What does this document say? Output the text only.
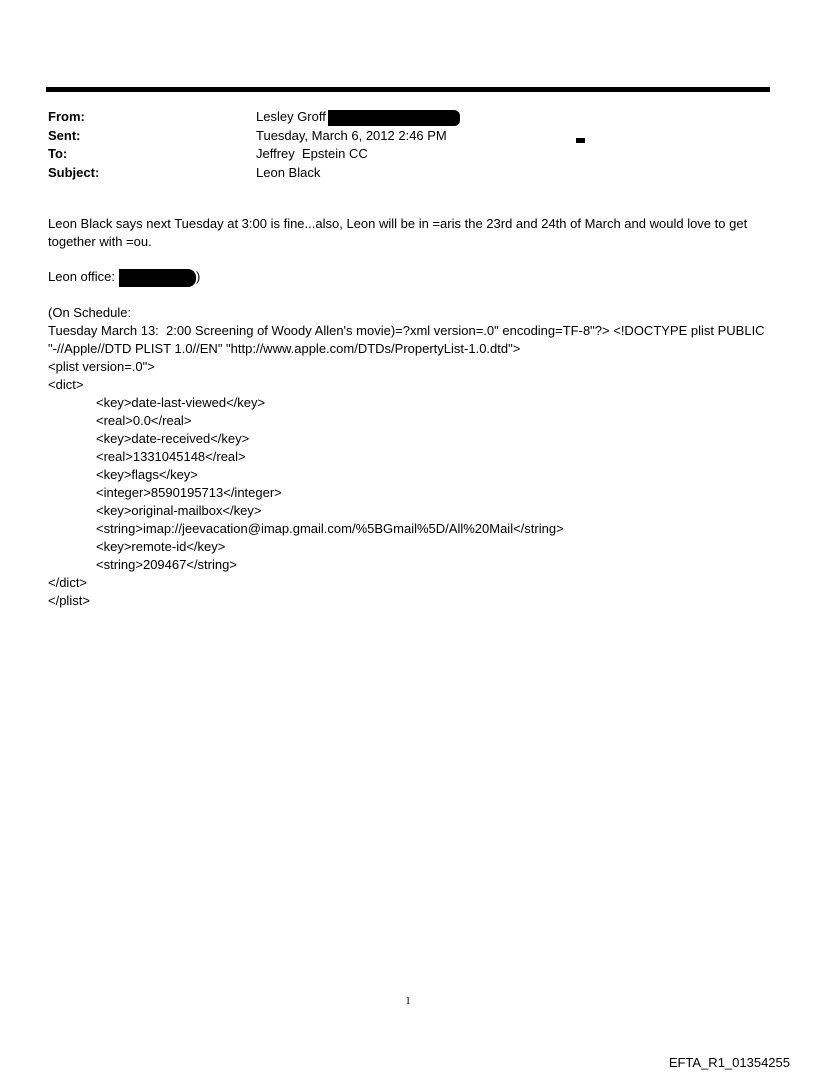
From:	Lesley Groff
Sent:	Tuesday, March 6, 2012 2:46 PM
To:	Jeffrey  Epstein CC
Subject:	Leon Black

Leon Black says next Tuesday at 3:00 is fine...also, Leon will be in =aris the 23rd and 24th of March and would love to get together with =ou.

Leon office:	)

(On Schedule:

Tuesday March 13:  2:00 Screening of Woody Allen's movie)=?xml version=.0" encoding=TF-8"?> <!DOCTYPE plist PUBLIC "-//Apple//DTD PLIST 1.0//EN" "http://www.apple.com/DTDs/PropertyList-1.0.dtd">

<plist version=.0">

<dict>

<key>date-last-viewed</key>

<real>0.0</real>

<key>date-received</key>

<real>1331045148</real>

<key>flags</key>

<integer>8590195713</integer>

<key>original-mailbox</key>

<string>imap://jeevacation@imap.gmail.com/%5BGmail%5D/All%20Mail</string>

<key>remote-id</key>

<string>209467</string>

</dict>

</plist>

1
EFTA_R1_01354255
